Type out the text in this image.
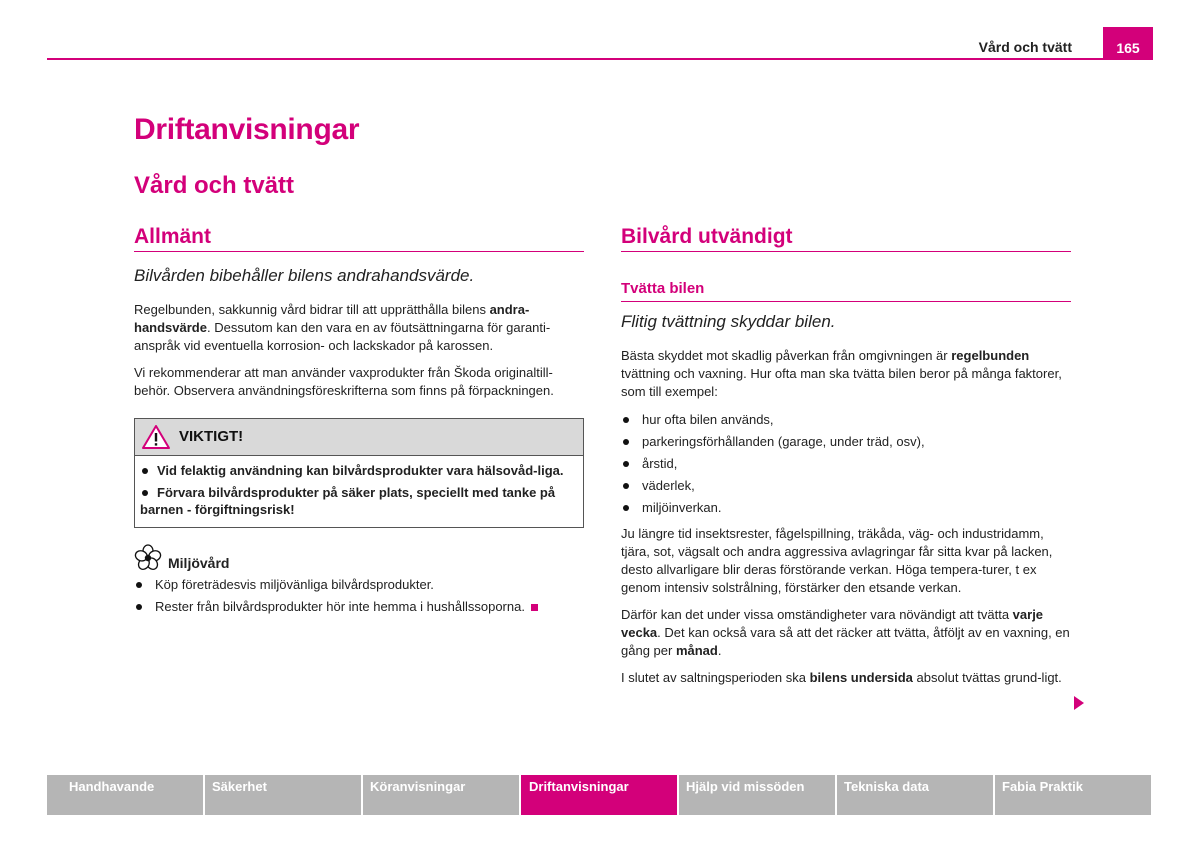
Vård och tvätt	165
Driftanvisningar
Vård och tvätt
Allmänt
Bilvården bibehåller bilens andrahandsvärde.

Regelbunden, sakkunnig vård bidrar till att upprätthålla bilens andra-handsvärde. Dessutom kan den vara en av föutsättningarna för garanti-anspråk vid eventuella korrosion- och lackskador på karossen.

Vi rekommenderar att man använder vaxprodukter från Škoda originaltill-behör. Observera användningsföreskrifterna som finns på förpackningen.

VIKTIGT!
Vid felaktig användning kan bilvårdsprodukter vara hälsovåd-liga.
Förvara bilvårdsprodukter på säker plats, speciellt med tanke på barnen - förgiftningsrisk!
Miljövård
Köp företrädesvis miljövänliga bilvårdsprodukter.
Rester från bilvårdsprodukter hör inte hemma i hushållssoporna.
Bilvård utvändigt
Tvätta bilen
Flitig tvättning skyddar bilen.

Bästa skyddet mot skadlig påverkan från omgivningen är regelbunden tvättning och vaxning. Hur ofta man ska tvätta bilen beror på många faktorer, som till exempel:

hur ofta bilen används,
parkeringsförhållanden (garage, under träd, osv),
årstid,
väderlek,
miljöinverkan.

Ju längre tid insektsrester, fågelspillning, träkåda, väg- och industridamm, tjära, sot, vägsalt och andra aggressiva avlagringar får sitta kvar på lacken, desto allvarligare blir deras förstörande verkan. Höga tempera-turer, t ex genom intensiv solstrålning, förstärker den etsande verkan.

Därför kan det under vissa omständigheter vara növändigt att tvätta varje vecka. Det kan också vara så att det räcker att tvätta, åtföljt av en vaxning, en gång per månad.

I slutet av saltningsperioden ska bilens undersida absolut tvättas grund-ligt.

Handhavande	Säkerhet	Köranvisningar	Driftanvisningar	Hjälp vid missöden	Tekniska data	Fabia Praktik
